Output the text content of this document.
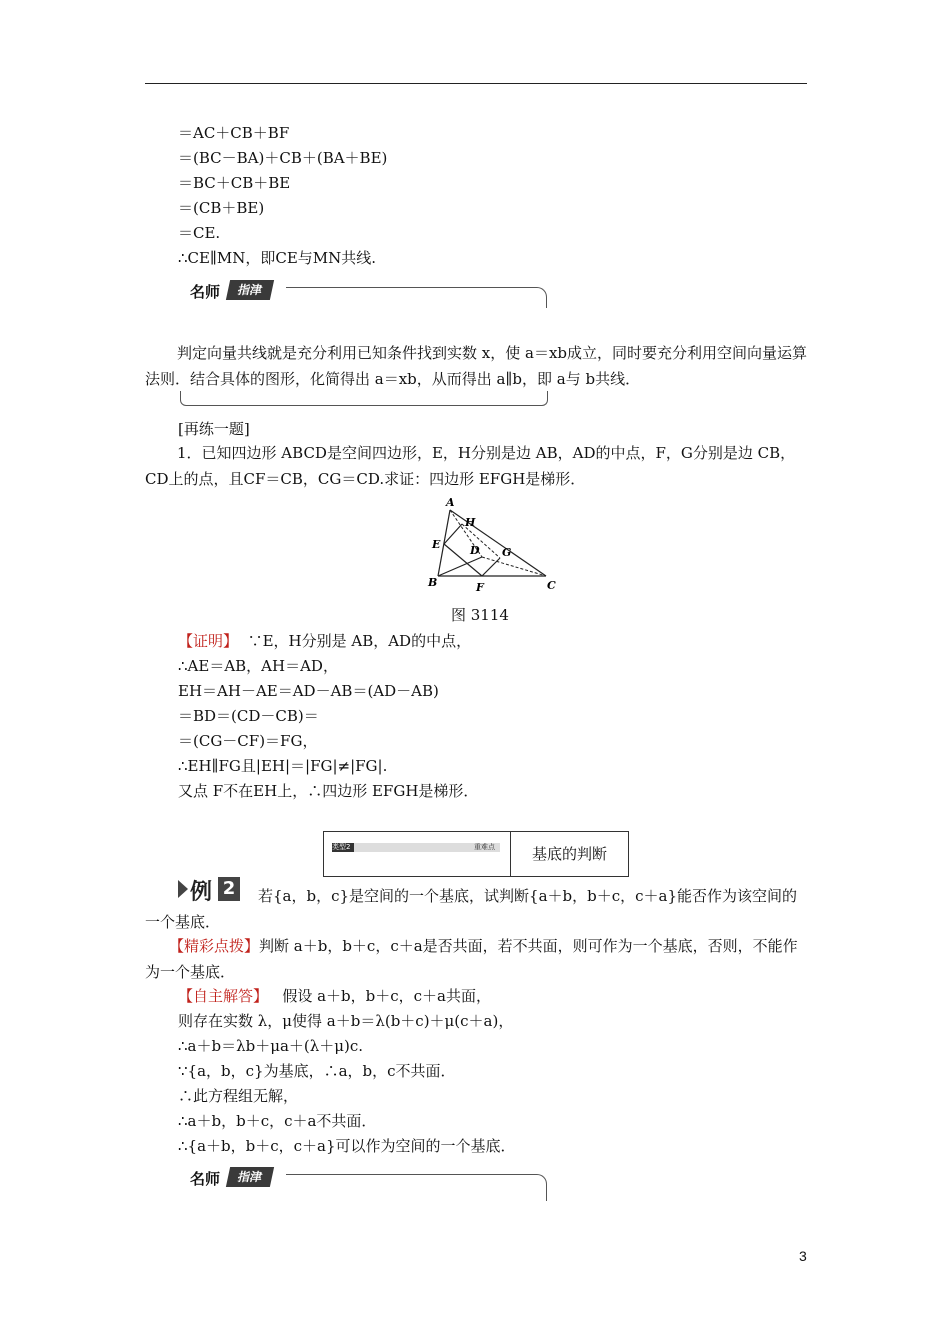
＝AC＋CB＋BF
＝(BC－BA)＋CB＋(BA＋BE)
＝BC＋CB＋BE
＝(CB＋BE)
＝CE.
∴CE∥MN，即CE与MN共线.
名师	指津
判定向量共线就是充分利用已知条件找到实数 x，使 a＝xb成立，同时要充分利用空间向量运算法则．结合具体的图形，化简得出 a＝xb，从而得出 a∥b，即 a与 b共线．
[再练一题]
1．已知四边形 ABCD是空间四边形，E，H分别是边 AB，AD的中点，F，G分别是边 CB，CD上的点，且CF＝CB，CG＝CD.求证：四边形 EFGH是梯形．
A
H
E	D G
B	F	C
图 3114
【证明】 ∵E，H分别是 AB，AD的中点，
∴AE＝AB，AH＝AD，
EH＝AH－AE＝AD－AB＝(AD－AB)
＝BD＝(CD－CB)＝
＝(CG－CF)＝FG，
∴EH∥FG且|EH|＝|FG|≠|FG|.
又点 F不在EH上，∴四边形 EFGH是梯形．
类型2	重难点	基底的判断
例 2	若{a，b，c}是空间的一个基底，试判断{a＋b，b＋c，c＋a}能否作为该空间的一个基底．
【精彩点拨】判断 a＋b，b＋c，c＋a是否共面，若不共面，则可作为一个基底，否则，不能作为一个基底．
【自主解答】 假设 a＋b，b＋c，c＋a共面，
则存在实数 λ，μ使得 a＋b＝λ(b＋c)＋μ(c＋a)，
∴a＋b＝λb＋μa＋(λ＋μ)c.
∵{a，b，c}为基底，∴a，b，c不共面．
∴此方程组无解，
∴a＋b，b＋c，c＋a不共面．
∴{a＋b，b＋c，c＋a}可以作为空间的一个基底．
名师	指津
3
